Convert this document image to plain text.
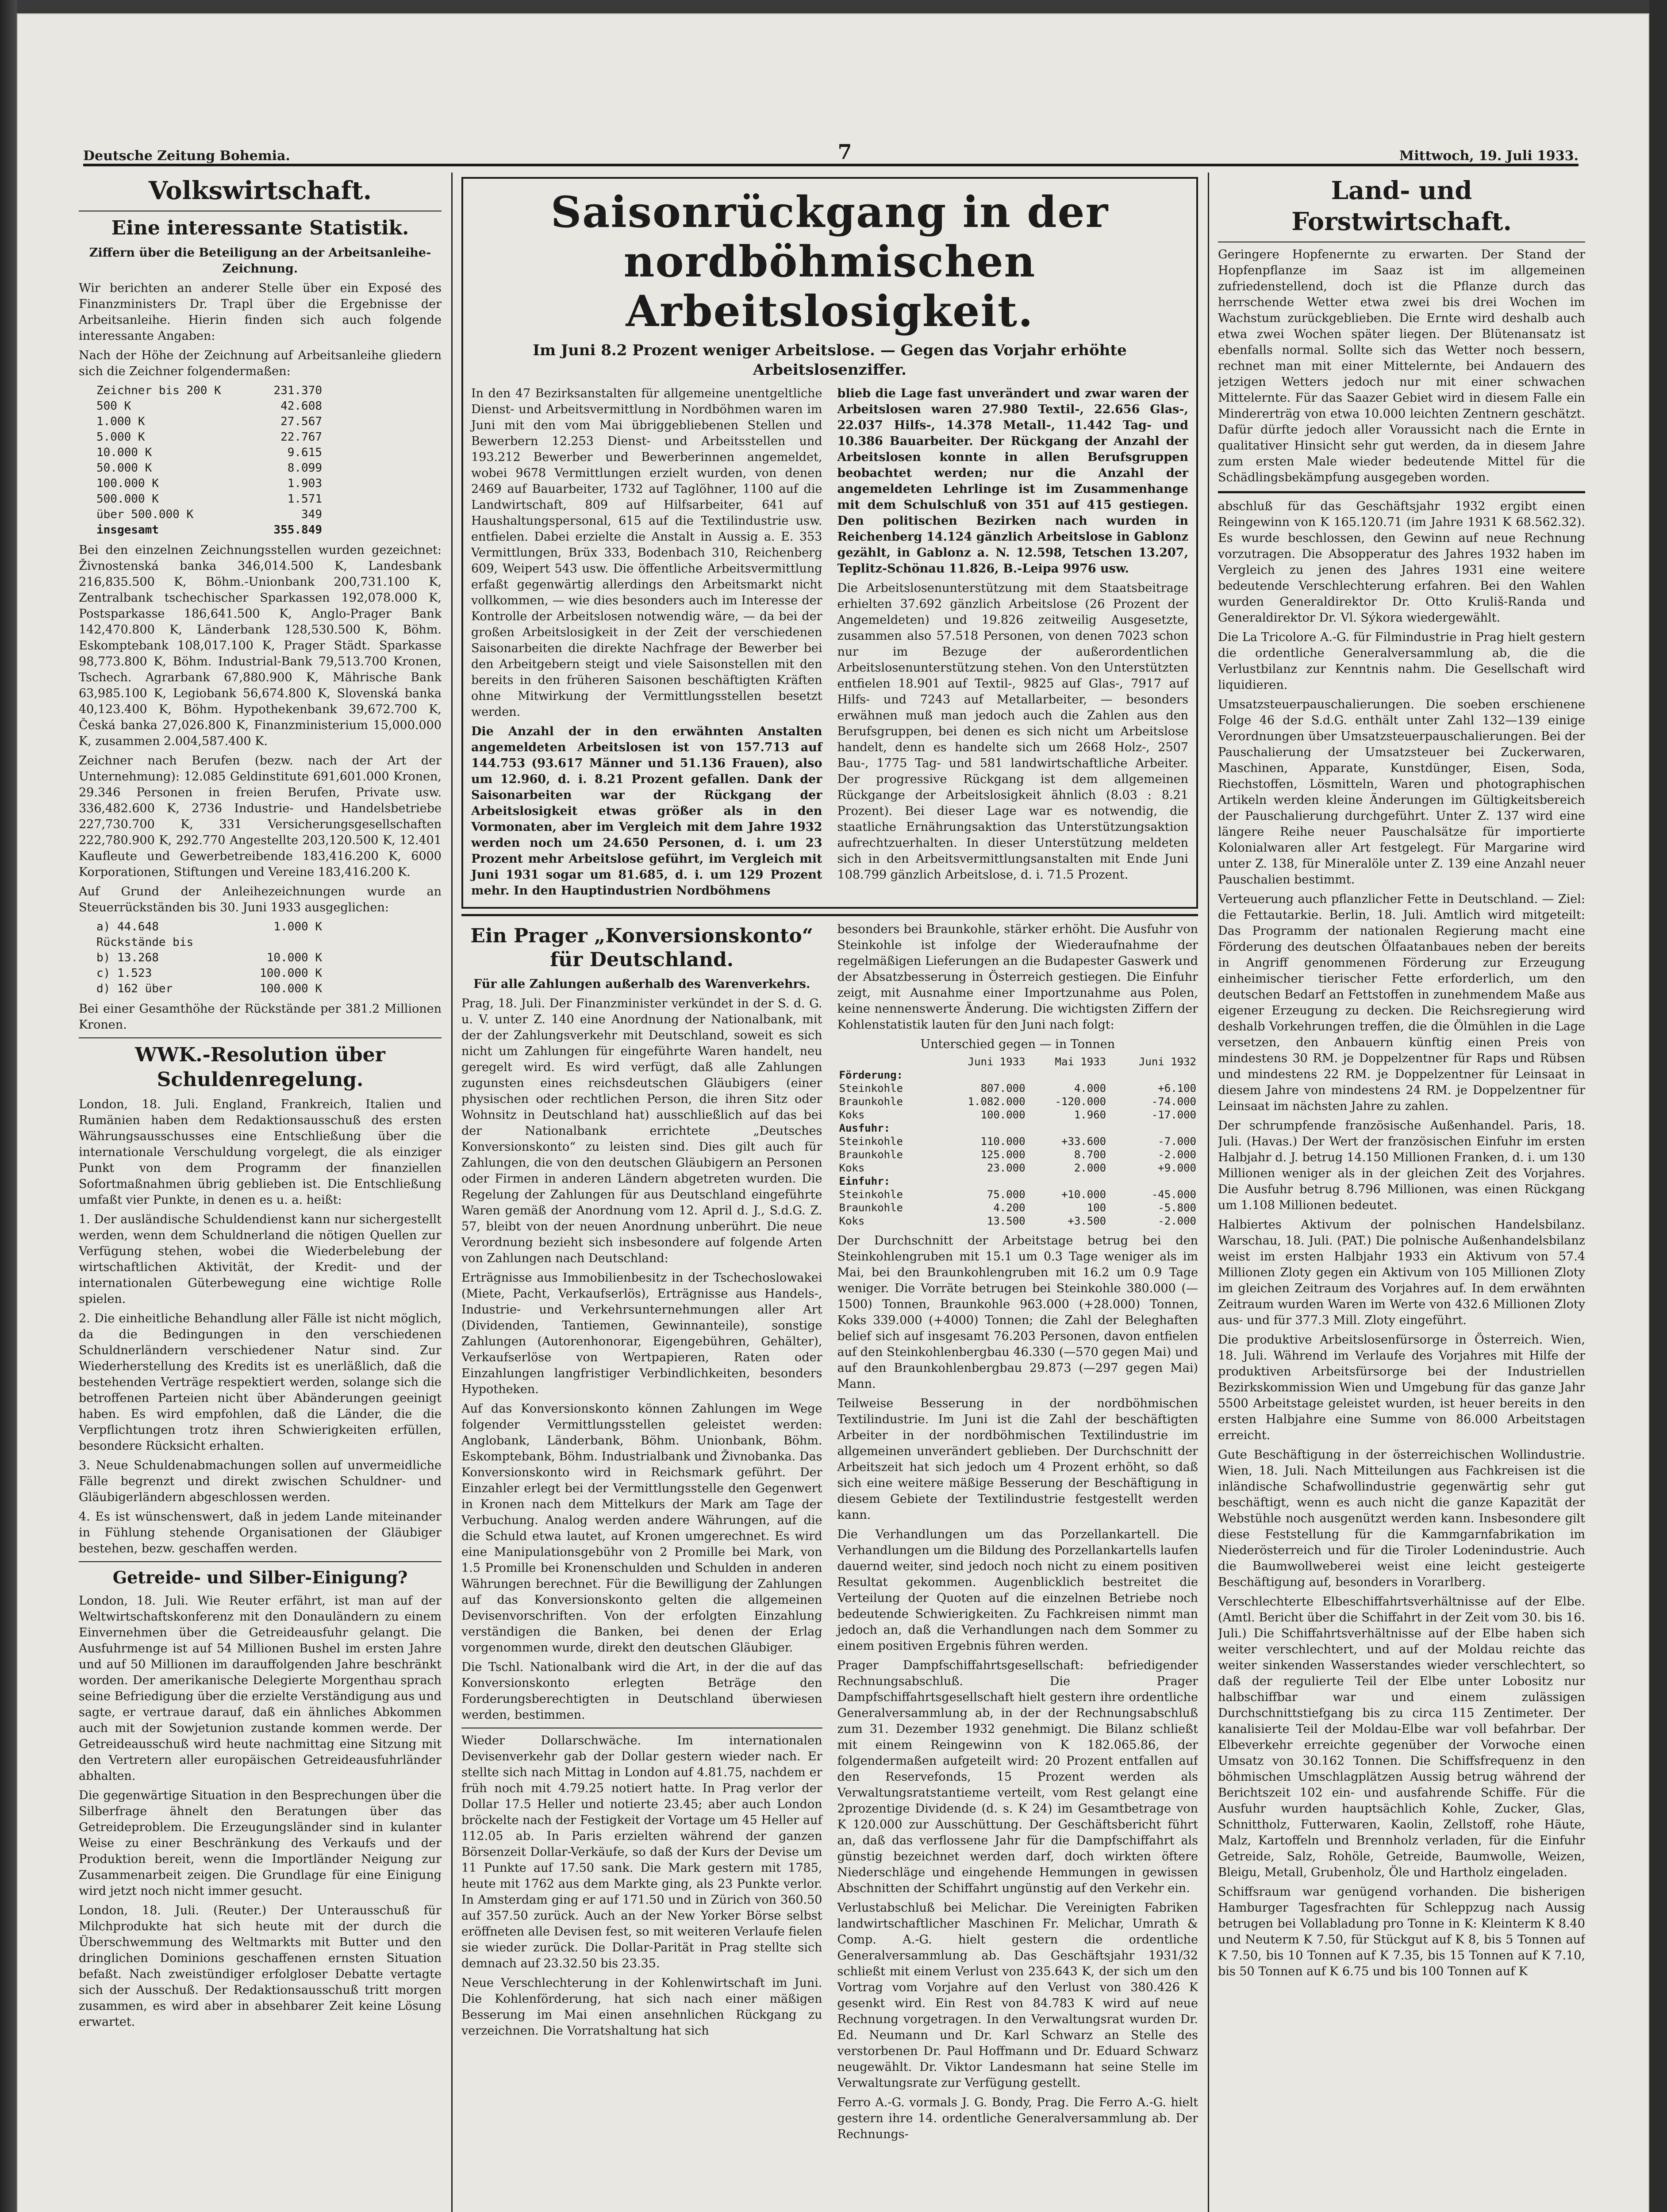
Deutsche Zeitung Bohemia.	7	Mittwoch, 19. Juli 1933.
Volkswirtschaft.
Eine interessante Statistik.

Ziffern über die Beteiligung an der Arbeitsanleihe-Zeichnung.

Wir berichten an anderer Stelle über ein Exposé des Finanzministers Dr. Trapl über die Ergebnisse der Arbeitsanleihe. Hierin finden sich auch folgende interessante Angaben:

Nach der Höhe der Zeichnung auf Arbeitsanleihe gliedern sich die Zeichner folgendermaßen:

Zeichner bis 200 K	231.370
500 K	42.608
1.000 K	27.567
5.000 K	22.767
10.000 K	9.615
50.000 K	8.099
100.000 K	1.903
500.000 K	1.571
über 500.000 K	349
insgesamt	355.849

Bei den einzelnen Zeichnungsstellen wurden gezeichnet: Živnostenská banka 346,014.500 K, Landesbank 216,835.500 K, Böhm.-Unionbank 200,731.100 K, Zentralbank tschechischer Sparkassen 192,078.000 K, Postsparkasse 186,641.500 K, Anglo-Prager Bank 142,470.800 K, Länderbank 128,530.500 K, Böhm. Eskomptebank 108,017.100 K, Prager Städt. Sparkasse 98,773.800 K, Böhm. Industrial-Bank 79,513.700 Kronen, Tschech. Agrarbank 67,880.900 K, Mährische Bank 63,985.100 K, Legiobank 56,674.800 K, Slovenská banka 40,123.400 K, Böhm. Hypothekenbank 39,672.700 K, Česká banka 27,026.800 K, Finanzministerium 15,000.000 K, zusammen 2.004,587.400 K.

Zeichner nach Berufen (bezw. nach der Art der Unternehmung): 12.085 Geldinstitute 691,601.000 Kronen, 29.346 Personen in freien Berufen, Private usw. 336,482.600 K, 2736 Industrie- und Handelsbetriebe 227,730.700 K, 331 Versicherungsgesellschaften 222,780.900 K, 292.770 Angestellte 203,120.500 K, 12.401 Kaufleute und Gewerbetreibende 183,416.200 K, 6000 Korporationen, Stiftungen und Vereine 183,416.200 K.

Auf Grund der Anleihezeichnungen wurde an Steuerrückständen bis 30. Juni 1933 ausgeglichen:

a) 44.648 Rückstände bis
1.000 K
b) 13.268	10.000 K
c) 1.523	100.000 K
d) 162 über	100.000 K

Bei einer Gesamthöhe der Rückstände per 381.2 Millionen Kronen.

WWK.-Resolution über Schuldenregelung.

London, 18. Juli. England, Frankreich, Italien und Rumänien haben dem Redaktionsausschuß des ersten Währungsausschusses eine Entschließung über die internationale Verschuldung vorgelegt, die als einziger Punkt von dem Programm der finanziellen Sofortmaßnahmen übrig geblieben ist. Die Entschließung umfaßt vier Punkte, in denen es u. a. heißt:

1. Der ausländische Schuldendienst kann nur sichergestellt werden, wenn dem Schuldnerland die nötigen Quellen zur Verfügung stehen, wobei die Wiederbelebung der wirtschaftlichen Aktivität, der Kredit- und der internationalen Güterbewegung eine wichtige Rolle spielen.

2. Die einheitliche Behandlung aller Fälle ist nicht möglich, da die Bedingungen in den verschiedenen Schuldnerländern verschiedener Natur sind. Zur Wiederherstellung des Kredits ist es unerläßlich, daß die bestehenden Verträge respektiert werden, solange sich die betroffenen Parteien nicht über Abänderungen geeinigt haben. Es wird empfohlen, daß die Länder, die die Verpflichtungen trotz ihren Schwierigkeiten erfüllen, besondere Rücksicht erhalten.

3. Neue Schuldenabmachungen sollen auf unvermeidliche Fälle begrenzt und direkt zwischen Schuldner- und Gläubigerländern abgeschlossen werden.

4. Es ist wünschenswert, daß in jedem Lande miteinander in Fühlung stehende Organisationen der Gläubiger bestehen, bezw. geschaffen werden.

Getreide- und Silber-Einigung?

London, 18. Juli. Wie Reuter erfährt, ist man auf der Weltwirtschaftskonferenz mit den Donauländern zu einem Einvernehmen über die Getreideausfuhr gelangt. Die Ausfuhrmenge ist auf 54 Millionen Bushel im ersten Jahre und auf 50 Millionen im darauffolgenden Jahre beschränkt worden. Der amerikanische Delegierte Morgenthau sprach seine Befriedigung über die erzielte Verständigung aus und sagte, er vertraue darauf, daß ein ähnliches Abkommen auch mit der Sowjetunion zustande kommen werde. Der Getreideausschuß wird heute nachmittag eine Sitzung mit den Vertretern aller europäischen Getreideausfuhrländer abhalten.

Die gegenwärtige Situation in den Besprechungen über die Silberfrage ähnelt den Beratungen über das Getreideproblem. Die Erzeugungsländer sind in kulanter Weise zu einer Beschränkung des Verkaufs und der Produktion bereit, wenn die Importländer Neigung zur Zusammenarbeit zeigen. Die Grundlage für eine Einigung wird jetzt noch nicht immer gesucht.

London, 18. Juli. (Reuter.) Der Unterausschuß für Milchprodukte hat sich heute mit der durch die Überschwemmung des Weltmarkts mit Butter und den dringlichen Dominions geschaffenen ernsten Situation befaßt. Nach zweistündiger erfolgloser Debatte vertagte sich der Ausschuß. Der Redaktionsausschuß tritt morgen zusammen, es wird aber in absehbarer Zeit keine Lösung erwartet.

Saisonrückgang in der nordböhmischen Arbeitslosigkeit.
Im Juni 8.2 Prozent weniger Arbeitslose. — Gegen das Vorjahr erhöhte Arbeitslosenziffer.

In den 47 Bezirksanstalten für allgemeine unentgeltliche Dienst- und Arbeitsvermittlung in Nordböhmen waren im Juni mit den vom Mai übriggebliebenen Stellen und Bewerbern 12.253 Dienst- und Arbeitsstellen und 193.212 Bewerber und Bewerberinnen angemeldet, wobei 9678 Vermittlungen erzielt wurden, von denen 2469 auf Bauarbeiter, 1732 auf Taglöhner, 1100 auf die Landwirtschaft, 809 auf Hilfsarbeiter, 641 auf Haushaltungspersonal, 615 auf die Textilindustrie usw. entfielen. Dabei erzielte die Anstalt in Aussig a. E. 353 Vermittlungen, Brüx 333, Bodenbach 310, Reichenberg 609, Weipert 543 usw. Die öffentliche Arbeitsvermittlung erfaßt gegenwärtig allerdings den Arbeitsmarkt nicht vollkommen, — wie dies besonders auch im Interesse der Kontrolle der Arbeitslosen notwendig wäre, — da bei der großen Arbeitslosigkeit in der Zeit der verschiedenen Saisonarbeiten die direkte Nachfrage der Bewerber bei den Arbeitgebern steigt und viele Saisonstellen mit den bereits in den früheren Saisonen beschäftigten Kräften ohne Mitwirkung der Vermittlungsstellen besetzt werden.

Die Anzahl der in den erwähnten Anstalten angemeldeten Arbeitslosen ist von 157.713 auf 144.753 (93.617 Männer und 51.136 Frauen), also um 12.960, d. i. 8.21 Prozent gefallen. Dank der Saisonarbeiten war der Rückgang der Arbeitslosigkeit etwas größer als in den Vormonaten, aber im Vergleich mit dem Jahre 1932 werden noch um 24.650 Personen, d. i. um 23 Prozent mehr Arbeitslose geführt, im Vergleich mit Juni 1931 sogar um 81.685, d. i. um 129 Prozent mehr. In den Hauptindustrien Nordböhmens

blieb die Lage fast unverändert und zwar waren der Arbeitslosen waren 27.980 Textil-, 22.656 Glas-, 22.037 Hilfs-, 14.378 Metall-, 11.442 Tag- und 10.386 Bauarbeiter. Der Rückgang der Anzahl der Arbeitslosen konnte in allen Berufsgruppen beobachtet werden; nur die Anzahl der angemeldeten Lehrlinge ist im Zusammenhange mit dem Schulschluß von 351 auf 415 gestiegen. Den politischen Bezirken nach wurden in Reichenberg 14.124 gänzlich Arbeitslose in Gablonz gezählt, in Gablonz a. N. 12.598, Tetschen 13.207, Teplitz-Schönau 11.826, B.-Leipa 9976 usw.

Die Arbeitslosenunterstützung mit dem Staatsbeitrage erhielten 37.692 gänzlich Arbeitslose (26 Prozent der Angemeldeten) und 19.826 zeitweilig Ausgesetzte, zusammen also 57.518 Personen, von denen 7023 schon nur im Bezuge der außerordentlichen Arbeitslosenunterstützung stehen. Von den Unterstützten entfielen 18.901 auf Textil-, 9825 auf Glas-, 7917 auf Hilfs- und 7243 auf Metallarbeiter, — besonders erwähnen muß man jedoch auch die Zahlen aus den Berufsgruppen, bei denen es sich nicht um Arbeitslose handelt, denn es handelte sich um 2668 Holz-, 2507 Bau-, 1775 Tag- und 581 landwirtschaftliche Arbeiter. Der progressive Rückgang ist dem allgemeinen Rückgange der Arbeitslosigkeit ähnlich (8.03 : 8.21 Prozent). Bei dieser Lage war es notwendig, die staatliche Ernährungsaktion das Unterstützungsaktion aufrechtzuerhalten. In dieser Unterstützung meldeten sich in den Arbeitsvermittlungsanstalten mit Ende Juni 108.799 gänzlich Arbeitslose, d. i. 71.5 Prozent.

Ein Prager „Konversionskonto“ für Deutschland.

Für alle Zahlungen außerhalb des Warenverkehrs.

Prag, 18. Juli. Der Finanzminister verkündet in der S. d. G. u. V. unter Z. 140 eine Anordnung der Nationalbank, mit der der Zahlungsverkehr mit Deutschland, soweit es sich nicht um Zahlungen für eingeführte Waren handelt, neu geregelt wird. Es wird verfügt, daß alle Zahlungen zugunsten eines reichsdeutschen Gläubigers (einer physischen oder rechtlichen Person, die ihren Sitz oder Wohnsitz in Deutschland hat) ausschließlich auf das bei der Nationalbank errichtete „Deutsches Konversionskonto“ zu leisten sind. Dies gilt auch für Zahlungen, die von den deutschen Gläubigern an Personen oder Firmen in anderen Ländern abgetreten wurden. Die Regelung der Zahlungen für aus Deutschland eingeführte Waren gemäß der Anordnung vom 12. April d. J., S.d.G. Z. 57, bleibt von der neuen Anordnung unberührt. Die neue Verordnung bezieht sich insbesondere auf folgende Arten von Zahlungen nach Deutschland:

Erträgnisse aus Immobilienbesitz in der Tschechoslowakei (Miete, Pacht, Verkaufserlös), Erträgnisse aus Handels-, Industrie- und Verkehrsunternehmungen aller Art (Dividenden, Tantiemen, Gewinnanteile), sonstige Zahlungen (Autorenhonorar, Eigengebühren, Gehälter), Verkaufserlöse von Wertpapieren, Raten oder Einzahlungen langfristiger Verbindlichkeiten, besonders Hypotheken.

Auf das Konversionskonto können Zahlungen im Wege folgender Vermittlungsstellen geleistet werden: Anglobank, Länderbank, Böhm. Unionbank, Böhm. Eskomptebank, Böhm. Industrialbank und Živnobanka. Das Konversionskonto wird in Reichsmark geführt. Der Einzahler erlegt bei der Vermittlungsstelle den Gegenwert in Kronen nach dem Mittelkurs der Mark am Tage der Verbuchung. Analog werden andere Währungen, auf die die Schuld etwa lautet, auf Kronen umgerechnet. Es wird eine Manipulationsgebühr von 2 Promille bei Mark, von 1.5 Promille bei Kronenschulden und Schulden in anderen Währungen berechnet. Für die Bewilligung der Zahlungen auf das Konversionskonto gelten die allgemeinen Devisenvorschriften. Von der erfolgten Einzahlung verständigen die Banken, bei denen der Erlag vorgenommen wurde, direkt den deutschen Gläubiger.

Die Tschl. Nationalbank wird die Art, in der die auf das Konversionskonto erlegten Beträge den Forderungsberechtigten in Deutschland überwiesen werden, bestimmen.

Wieder Dollarschwäche. Im internationalen Devisenverkehr gab der Dollar gestern wieder nach. Er stellte sich nach Mittag in London auf 4.81.75, nachdem er früh noch mit 4.79.25 notiert hatte. In Prag verlor der Dollar 17.5 Heller und notierte 23.45; aber auch London bröckelte nach der Festigkeit der Vortage um 45 Heller auf 112.05 ab. In Paris erzielten während der ganzen Börsenzeit Dollar-Verkäufe, so daß der Kurs der Devise um 11 Punkte auf 17.50 sank. Die Mark gestern mit 1785, heute mit 1762 aus dem Markte ging, als 23 Punkte verlor. In Amsterdam ging er auf 171.50 und in Zürich von 360.50 auf 357.50 zurück. Auch an der New Yorker Börse selbst eröffneten alle Devisen fest, so mit weiteren Verlaufe fielen sie wieder zurück. Die Dollar-Parität in Prag stellte sich demnach auf 23.32.50 bis 23.35.

Neue Verschlechterung in der Kohlenwirtschaft im Juni. Die Kohlenförderung, hat sich nach einer mäßigen Besserung im Mai einen ansehnlichen Rückgang zu verzeichnen. Die Vorratshaltung hat sich

besonders bei Braunkohle, stärker erhöht. Die Ausfuhr von Steinkohle ist infolge der Wiederaufnahme der regelmäßigen Lieferungen an die Budapester Gaswerk und der Absatzbesserung in Österreich gestiegen. Die Einfuhr zeigt, mit Ausnahme einer Importzunahme aus Polen, keine nennenswerte Änderung. Die wichtigsten Ziffern der Kohlenstatistik lauten für den Juni nach folgt:

Unterschied gegen — in Tonnen

	Juni 1933	Mai 1933	Juni 1932
Förderung:			
Steinkohle	807.000	4.000	+6.100
Braunkohle	1.082.000	-120.000	-74.000
Koks	100.000	1.960	-17.000
Ausfuhr:			
Steinkohle	110.000	+33.600	-7.000
Braunkohle	125.000	8.700	-2.000
Koks	23.000	2.000	+9.000
Einfuhr:			
Steinkohle	75.000	+10.000	-45.000
Braunkohle	4.200	100	-5.800
Koks	13.500	+3.500	-2.000

Der Durchschnitt der Arbeitstage betrug bei den Steinkohlengruben mit 15.1 um 0.3 Tage weniger als im Mai, bei den Braunkohlengruben mit 16.2 um 0.9 Tage weniger. Die Vorräte betrugen bei Steinkohle 380.000 (—1500) Tonnen, Braunkohle 963.000 (+28.000) Tonnen, Koks 339.000 (+4000) Tonnen; die Zahl der Beleghaften belief sich auf insgesamt 76.203 Personen, davon entfielen auf den Steinkohlenbergbau 46.330 (—570 gegen Mai) und auf den Braunkohlenbergbau 29.873 (—297 gegen Mai) Mann.

Teilweise Besserung in der nordböhmischen Textilindustrie. Im Juni ist die Zahl der beschäftigten Arbeiter in der nordböhmischen Textilindustrie im allgemeinen unverändert geblieben. Der Durchschnitt der Arbeitszeit hat sich jedoch um 4 Prozent erhöht, so daß sich eine weitere mäßige Besserung der Beschäftigung in diesem Gebiete der Textilindustrie festgestellt werden kann.

Die Verhandlungen um das Porzellankartell. Die Verhandlungen um die Bildung des Porzellankartells laufen dauernd weiter, sind jedoch noch nicht zu einem positiven Resultat gekommen. Augenblicklich bestreitet die Verteilung der Quoten auf die einzelnen Betriebe noch bedeutende Schwierigkeiten. Zu Fachkreisen nimmt man jedoch an, daß die Verhandlungen nach dem Sommer zu einem positiven Ergebnis führen werden.

Prager Dampfschiffahrtsgesellschaft: befriedigender Rechnungsabschluß. Die Prager Dampfschiffahrtsgesellschaft hielt gestern ihre ordentliche Generalversammlung ab, in der der Rechnungsabschluß zum 31. Dezember 1932 genehmigt. Die Bilanz schließt mit einem Reingewinn von K 182.065.86, der folgendermaßen aufgeteilt wird: 20 Prozent entfallen auf den Reservefonds, 15 Prozent werden als Verwaltungsratstantieme verteilt, vom Rest gelangt eine 2prozentige Dividende (d. s. K 24) im Gesamtbetrage von K 120.000 zur Ausschüttung. Der Geschäftsbericht führt an, daß das verflossene Jahr für die Dampfschiffahrt als günstig bezeichnet werden darf, doch wirkten öftere Niederschläge und eingehende Hemmungen in gewissen Abschnitten der Schiffahrt ungünstig auf den Verkehr ein.

Verlustabschluß bei Melichar. Die Vereinigten Fabriken landwirtschaftlicher Maschinen Fr. Melichar, Umrath & Comp. A.-G. hielt gestern die ordentliche Generalversammlung ab. Das Geschäftsjahr 1931/32 schließt mit einem Verlust von 235.643 K, der sich um den Vortrag vom Vorjahre auf den Verlust von 380.426 K gesenkt wird. Ein Rest von 84.783 K wird auf neue Rechnung vorgetragen. In den Verwaltungsrat wurden Dr. Ed. Neumann und Dr. Karl Schwarz an Stelle des verstorbenen Dr. Paul Hoffmann und Dr. Eduard Schwarz neugewählt. Dr. Viktor Landesmann hat seine Stelle im Verwaltungsrate zur Verfügung gestellt.

Ferro A.-G. vormals J. G. Bondy, Prag. Die Ferro A.-G. hielt gestern ihre 14. ordentliche Generalversammlung ab. Der Rechnungs-

Land- und Forstwirtschaft.

Geringere Hopfenernte zu erwarten. Der Stand der Hopfenpflanze im Saaz ist im allgemeinen zufriedenstellend, doch ist die Pflanze durch das herrschende Wetter etwa zwei bis drei Wochen im Wachstum zurückgeblieben. Die Ernte wird deshalb auch etwa zwei Wochen später liegen. Der Blütenansatz ist ebenfalls normal. Sollte sich das Wetter noch bessern, rechnet man mit einer Mittelernte, bei Andauern des jetzigen Wetters jedoch nur mit einer schwachen Mittelernte. Für das Saazer Gebiet wird in diesem Falle ein Mindererträg von etwa 10.000 leichten Zentnern geschätzt. Dafür dürfte jedoch aller Voraussicht nach die Ernte in qualitativer Hinsicht sehr gut werden, da in diesem Jahre zum ersten Male wieder bedeutende Mittel für die Schädlingsbekämpfung ausgegeben worden.

abschluß für das Geschäftsjahr 1932 ergibt einen Reingewinn von K 165.120.71 (im Jahre 1931 K 68.562.32). Es wurde beschlossen, den Gewinn auf neue Rechnung vorzutragen. Die Absopperatur des Jahres 1932 haben im Vergleich zu jenen des Jahres 1931 eine weitere bedeutende Verschlechterung erfahren. Bei den Wahlen wurden Generaldirektor Dr. Otto Kruliš-Randa und Generaldirektor Dr. Vl. Sýkora wiedergewählt.

Die La Tricolore A.-G. für Filmindustrie in Prag hielt gestern die ordentliche Generalversammlung ab, die die Verlustbilanz zur Kenntnis nahm. Die Gesellschaft wird liquidieren.

Umsatzsteuerpauschalierungen. Die soeben erschienene Folge 46 der S.d.G. enthält unter Zahl 132—139 einige Verordnungen über Umsatzsteuerpauschalierungen. Bei der Pauschalierung der Umsatzsteuer bei Zuckerwaren, Maschinen, Apparate, Kunstdünger, Eisen, Soda, Riechstoffen, Lösmitteln, Waren und photographischen Artikeln werden kleine Änderungen im Gültigkeitsbereich der Pauschalierung durchgeführt. Unter Z. 137 wird eine längere Reihe neuer Pauschalsätze für importierte Kolonialwaren aller Art festgelegt. Für Margarine wird unter Z. 138, für Mineralöle unter Z. 139 eine Anzahl neuer Pauschalien bestimmt.

Verteuerung auch pflanzlicher Fette in Deutschland. — Ziel: die Fettautarkie. Berlin, 18. Juli. Amtlich wird mitgeteilt: Das Programm der nationalen Regierung macht eine Förderung des deutschen Ölfaatanbaues neben der bereits in Angriff genommenen Förderung zur Erzeugung einheimischer tierischer Fette erforderlich, um den deutschen Bedarf an Fettstoffen in zunehmendem Maße aus eigener Erzeugung zu decken. Die Reichsregierung wird deshalb Vorkehrungen treffen, die die Ölmühlen in die Lage versetzen, den Anbauern künftig einen Preis von mindestens 30 RM. je Doppelzentner für Raps und Rübsen und mindestens 22 RM. je Doppelzentner für Leinsaat in diesem Jahre von mindestens 24 RM. je Doppelzentner für Leinsaat im nächsten Jahre zu zahlen.

Der schrumpfende französische Außenhandel. Paris, 18. Juli. (Havas.) Der Wert der französischen Einfuhr im ersten Halbjahr d. J. betrug 14.150 Millionen Franken, d. i. um 130 Millionen weniger als in der gleichen Zeit des Vorjahres. Die Ausfuhr betrug 8.796 Millionen, was einen Rückgang um 1.108 Millionen bedeutet.

Halbiertes Aktivum der polnischen Handelsbilanz. Warschau, 18. Juli. (PAT.) Die polnische Außenhandelsbilanz weist im ersten Halbjahr 1933 ein Aktivum von 57.4 Millionen Zloty gegen ein Aktivum von 105 Millionen Zloty im gleichen Zeitraum des Vorjahres auf. In dem erwähnten Zeitraum wurden Waren im Werte von 432.6 Millionen Zloty aus- und für 377.3 Mill. Zloty eingeführt.

Die produktive Arbeitslosenfürsorge in Österreich. Wien, 18. Juli. Während im Verlaufe des Vorjahres mit Hilfe der produktiven Arbeitsfürsorge bei der Industriellen Bezirkskommission Wien und Umgebung für das ganze Jahr 5500 Arbeitstage geleistet wurden, ist heuer bereits in den ersten Halbjahre eine Summe von 86.000 Arbeitstagen erreicht.

Gute Beschäftigung in der österreichischen Wollindustrie. Wien, 18. Juli. Nach Mitteilungen aus Fachkreisen ist die inländische Schafwollindustrie gegenwärtig sehr gut beschäftigt, wenn es auch nicht die ganze Kapazität der Webstühle noch ausgenützt werden kann. Insbesondere gilt diese Feststellung für die Kammgarnfabrikation im Niederösterreich und für die Tiroler Lodenindustrie. Auch die Baumwollweberei weist eine leicht gesteigerte Beschäftigung auf, besonders in Vorarlberg.

Verschlechterte Elbeschiffahrtsverhältnisse auf der Elbe. (Amtl. Bericht über die Schiffahrt in der Zeit vom 30. bis 16. Juli.) Die Schiffahrtsverhältnisse auf der Elbe haben sich weiter verschlechtert, und auf der Moldau reichte das weiter sinkenden Wasserstandes wieder verschlechtert, so daß der regulierte Teil der Elbe unter Lobositz nur halbschiffbar war und einem zulässigen Durchschnittstiefgang bis zu circa 115 Zentimeter. Der kanalisierte Teil der Moldau-Elbe war voll befahrbar. Der Elbeverkehr erreichte gegenüber der Vorwoche einen Umsatz von 30.162 Tonnen. Die Schiffsfrequenz in den böhmischen Umschlagplätzen Aussig betrug während der Berichtszeit 102 ein- und ausfahrende Schiffe. Für die Ausfuhr wurden hauptsächlich Kohle, Zucker, Glas, Schnittholz, Futterwaren, Kaolin, Zellstoff, rohe Häute, Malz, Kartoffeln und Brennholz verladen, für die Einfuhr Getreide, Salz, Rohöle, Getreide, Baumwolle, Weizen, Bleigu, Metall, Grubenholz, Öle und Hartholz eingeladen.

Schiffsraum war genügend vorhanden. Die bisherigen Hamburger Tagesfrachten für Schleppzug nach Aussig betrugen bei Vollabladung pro Tonne in K: Kleinterm K 8.40 und Neuterm K 7.50, für Stückgut auf K 8, bis 5 Tonnen auf K 7.50, bis 10 Tonnen auf K 7.35, bis 15 Tonnen auf K 7.10, bis 50 Tonnen auf K 6.75 und bis 100 Tonnen auf K
